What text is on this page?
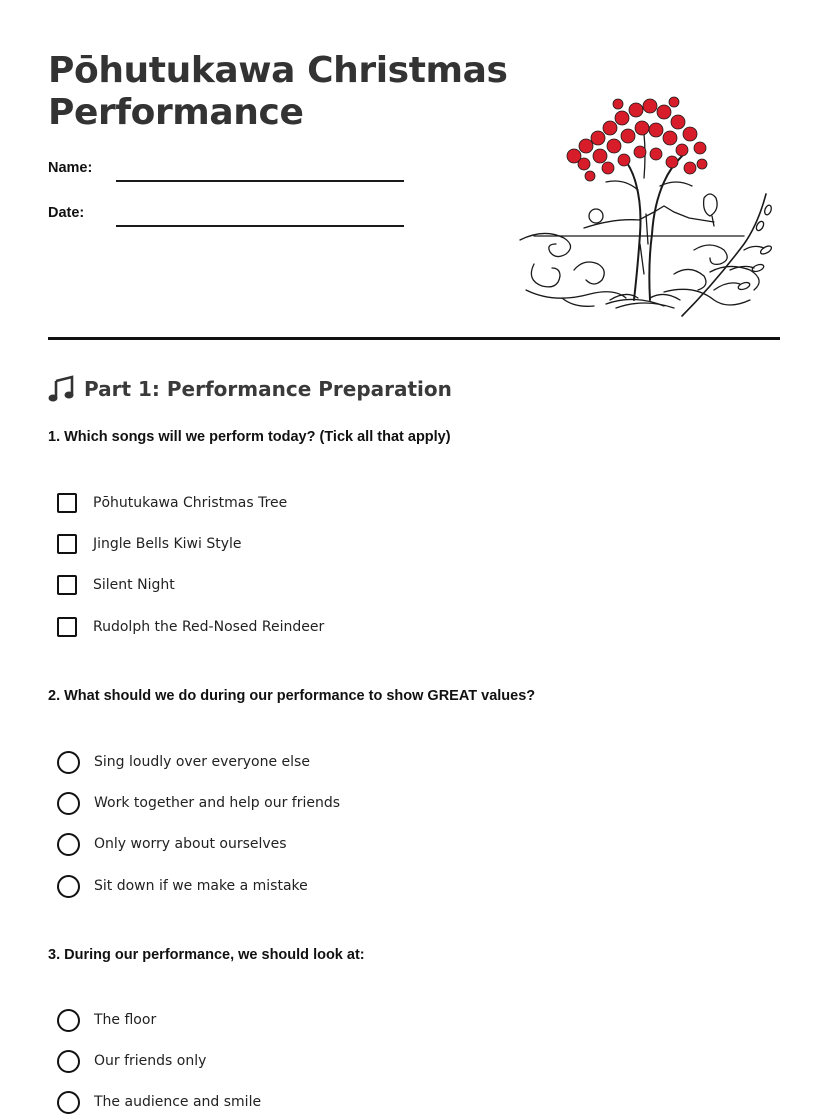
Pōhutukawa Christmas
Performance
Name:
Date:
Part 1: Performance Preparation
1. Which songs will we perform today? (Tick all that apply)
Pōhutukawa Christmas Tree
Jingle Bells Kiwi Style
Silent Night
Rudolph the Red-Nosed Reindeer
2. What should we do during our performance to show GREAT values?
Sing loudly over everyone else
Work together and help our friends
Only worry about ourselves
Sit down if we make a mistake
3. During our performance, we should look at:
The floor
Our friends only
The audience and smile
